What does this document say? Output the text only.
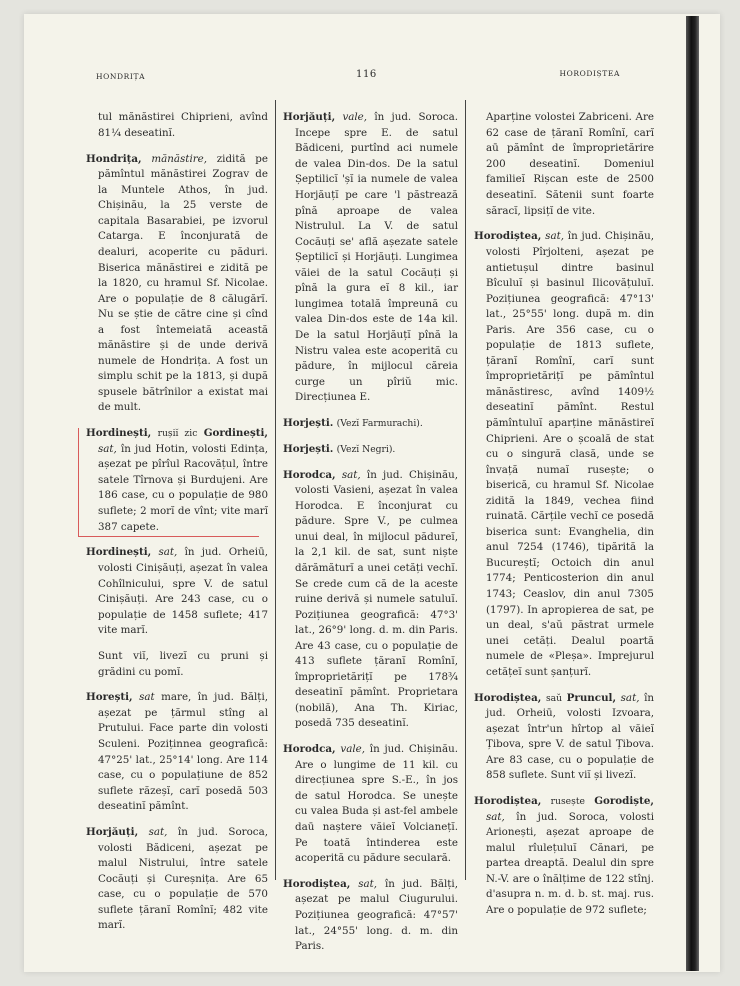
HONDRIȚA	116	HORODIȘTEA

tul mănăstirei Chiprieni, avînd 81¼ deseatinĭ.

Hondrița, mănăstire, zidită pe pămîntul mănăstirei Zograv de la Muntele Athos, în jud. Chișinău, la 25 verste de capitala Basarabiei, pe izvorul Catarga. E înconjurată de dealuri, acoperite cu păduri. Biserica mănăstirei e zidită pe la 1820, cu hramul Sf. Nicolae. Are o populație de 8 călugărĭ. Nu se știe de către cine și cînd a fost întemeiată această mănăstire și de unde derivă numele de Hondrița. A fost un simplu schit pe la 1813, și după spusele bătrînilor a existat mai de mult.

Hordinești, rușiĭ zic Gordinești, sat, în jud Hotin, volosti Edința, așezat pe pîrîul Racovățul, între satele Tîrnova și Burdujeni. Are 186 case, cu o populație de 980 suflete; 2 morĭ de vînt; vite marĭ 387 capete.

Hordinești, sat, în jud. Orheiū, volosti Cinișăuți, așezat în valea Cohîlnicului, spre V. de satul Cinișăuți. Are 243 case, cu o populație de 1458 suflete; 417 vite marĭ.

Sunt viĭ, livezĭ cu pruni și grădini cu pomĭ.

Horești, sat mare, în jud. Bălți, așezat pe țărmul stîng al Prutului. Face parte din volosti Sculeni. Poziținnea geografică: 47°25' lat., 25°14' long. Are 114 case, cu o populațiune de 852 suflete răzeșĭ, carĭ posedă 503 deseatinĭ pămînt.

Horjăuți, sat, în jud. Soroca, volosti Bădiceni, așezat pe malul Nistrului, între satele Cocăuți și Cureșnița. Are 65 case, cu o populație de 570 suflete țăranĭ Romînĭ; 482 vite marĭ.

Horjăuți, vale, în jud. Soroca. Incepe spre E. de satul Bădiceni, purtînd aci numele de valea Din-dos. De la satul Șeptilicĭ 'șĭ ia numele de valea Horjăuțĭ pe care 'l păstrează pînă aproape de valea Nistrulul. La V. de satul Cocăuți se' află așezate satele Șeptilicĭ și Horjăuți. Lungimea văiei de la satul Cocăuți și pînă la gura eĭ 8 kil., iar lungimea totală împreună cu valea Din-dos este de 14a kil. De la satul Horjăuțĭ pînă la Nistru valea este acoperită cu pădure, în mijlocul căreia curge un pîriŭ mic. Direcțiunea E.

Horjești. (Vezĭ Farmurachi).

Horjești. (Vezĭ Negri).

Horodca, sat, în jud. Chișinău, volosti Vasieni, așezat în valea Horodca. E înconjurat cu pădure. Spre V., pe culmea unui deal, în mijlocul pădureĭ, la 2,1 kil. de sat, sunt niște dărămăturĭ a unei cetăți vechĭ. Se crede cum că de la aceste ruine derivă și numele satuluĭ. Pozițiunea geografică: 47°3' lat., 26°9' long. d. m. din Paris. Are 43 case, cu o populație de 413 suflete țăranĭ Romînĭ, împroprietărițĭ pe 178¾ deseatinĭ pămînt. Proprietara (nobilă), Ana Th. Kiriac, posedă 735 deseatinĭ.

Horodca, vale, în jud. Chișinău. Are o lungime de 11 kil. cu direcțiunea spre S.-E., în jos de satul Horodca. Se unește cu valea Buda și ast-fel ambele daū naștere văieĭ Volcianețĭ. Pe toată întinderea este acoperită cu pădure seculară.

Horodiștea, sat, în jud. Bălți, așezat pe malul Ciugurului. Pozițiunea geografică: 47°57' lat., 24°55' long. d. m. din Paris.

Aparține volostei Zabriceni. Are 62 case de țăranĭ Romînĭ, carĭ aū pămînt de împroprietărire 200 deseatinĭ. Domeniul familieĭ Rișcan este de 2500 deseatinĭ. Sătenii sunt foarte săracĭ, lipsițĭ de vite.

Horodiștea, sat, în jud. Chișinău, volosti Pîrjolteni, așezat pe antietușul dintre basinul Bîculuĭ și basinul Ilicovățuluĭ. Pozițiunea geografică: 47°13' lat., 25°55' long. după m. din Paris. Are 356 case, cu o populație de 1813 suflete, țăranĭ Romînĭ, carĭ sunt împroprietărițĭ pe pămîntul mănăstiresc, avînd 1409½ deseatinĭ pămînt. Restul pămîntuluĭ aparține mănăstireĭ Chiprieni. Are o școală de stat cu o singură clasă, unde se învață numaĭ rusește; o biserică, cu hramul Sf. Nicolae zidită la 1849, vechea fiind ruinată. Cărțile vechĭ ce posedă biserica sunt: Evanghelia, din anul 7254 (1746), tipărită la Bucureștĭ; Octoich din anul 1774; Penticosterion din anul 1743; Ceaslov, din anul 7305 (1797). In apropierea de sat, pe un deal, s'aŭ păstrat urmele unei cetăți. Dealul poartă numele de «Pleșa». Imprejurul cetățeĭ sunt șanțurĭ.

Horodiștea, saŭ Pruncul, sat, în jud. Orheiū, volosti Izvoara, așezat într'un hîrtop al văieĭ Țibova, spre V. de satul Țibova. Are 83 case, cu o populație de 858 suflete. Sunt viĭ și livezĭ.

Horodiștea, rusește Gorodiște, sat, în jud. Soroca, volosti Arionești, așezat aproape de malul rîulețuluĭ Cănari, pe partea dreaptă. Dealul din spre N.-V. are o înălțime de 122 stînj. d'asupra n. m. d. b. st. maj. rus. Are o populație de 972 suflete;
